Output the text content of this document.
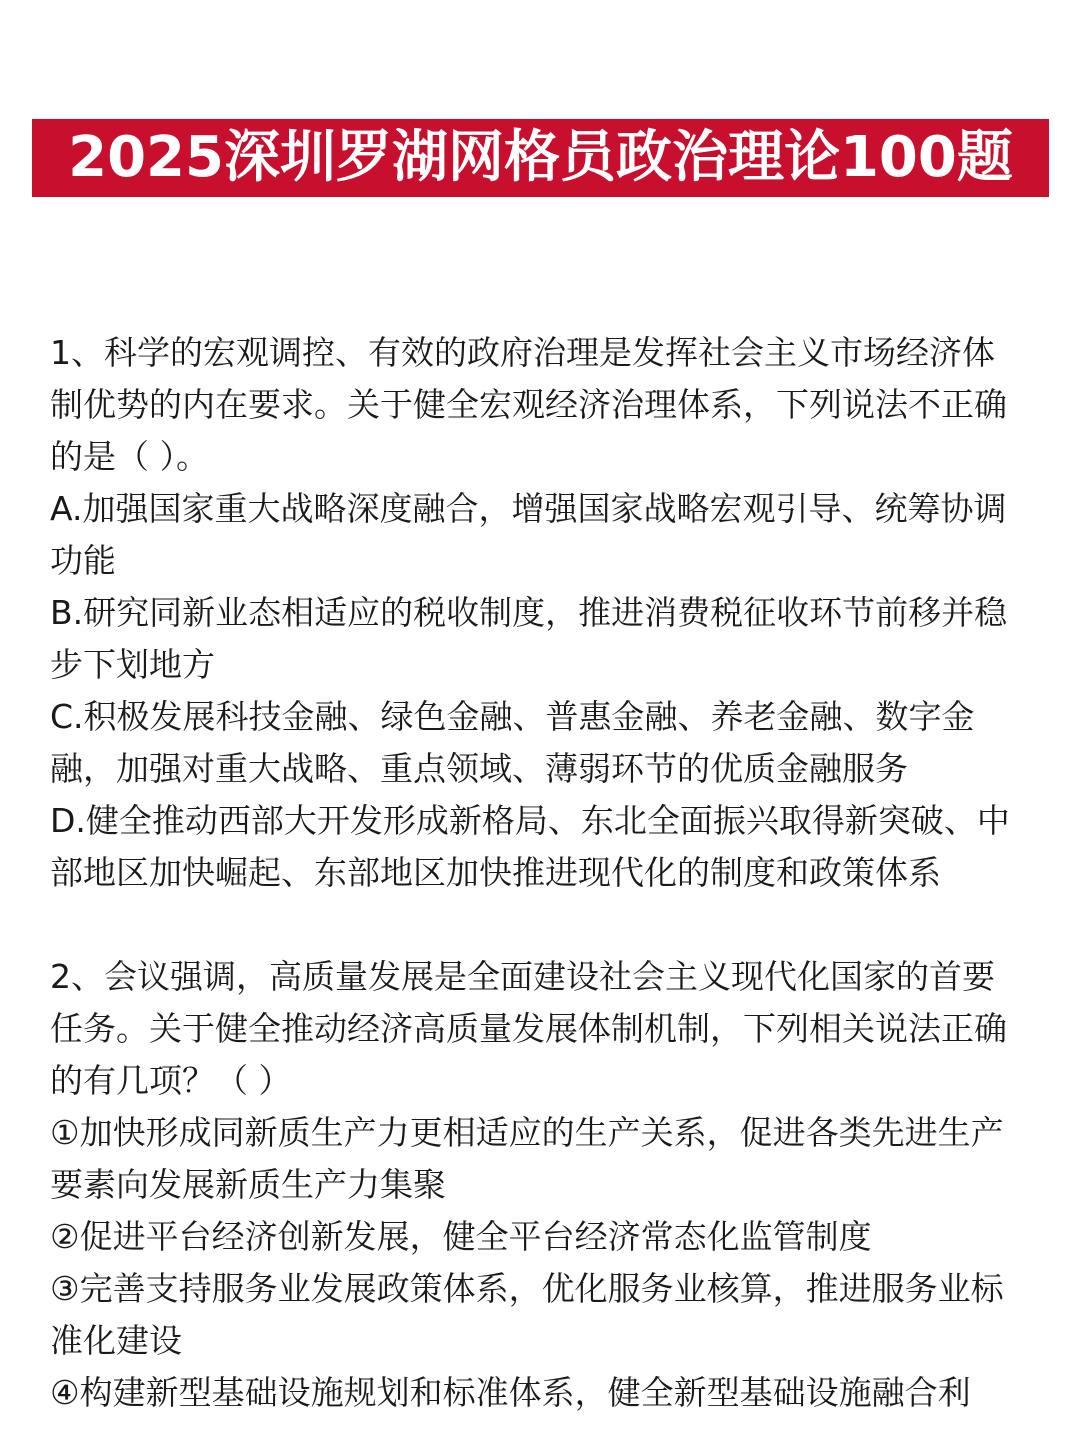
2025深圳罗湖网格员政治理论100题

1、科学的宏观调控、有效的政府治理是发挥社会主义市场经济体制优势的内在要求。关于健全宏观经济治理体系，下列说法不正确的是（ ）。

A.加强国家重大战略深度融合，增强国家战略宏观引导、统筹协调功能

B.研究同新业态相适应的税收制度，推进消费税征收环节前移并稳步下划地方

C.积极发展科技金融、绿色金融、普惠金融、养老金融、数字金融，加强对重大战略、重点领域、薄弱环节的优质金融服务

D.健全推动西部大开发形成新格局、东北全面振兴取得新突破、中部地区加快崛起、东部地区加快推进现代化的制度和政策体系

2、会议强调，高质量发展是全面建设社会主义现代化国家的首要任务。关于健全推动经济高质量发展体制机制，下列相关说法正确的有几项？（ ）

①加快形成同新质生产力更相适应的生产关系，促进各类先进生产要素向发展新质生产力集聚

②促进平台经济创新发展，健全平台经济常态化监管制度

③完善支持服务业发展政策体系，优化服务业核算，推进服务业标准化建设

④构建新型基础设施规划和标准体系，健全新型基础设施融合利
